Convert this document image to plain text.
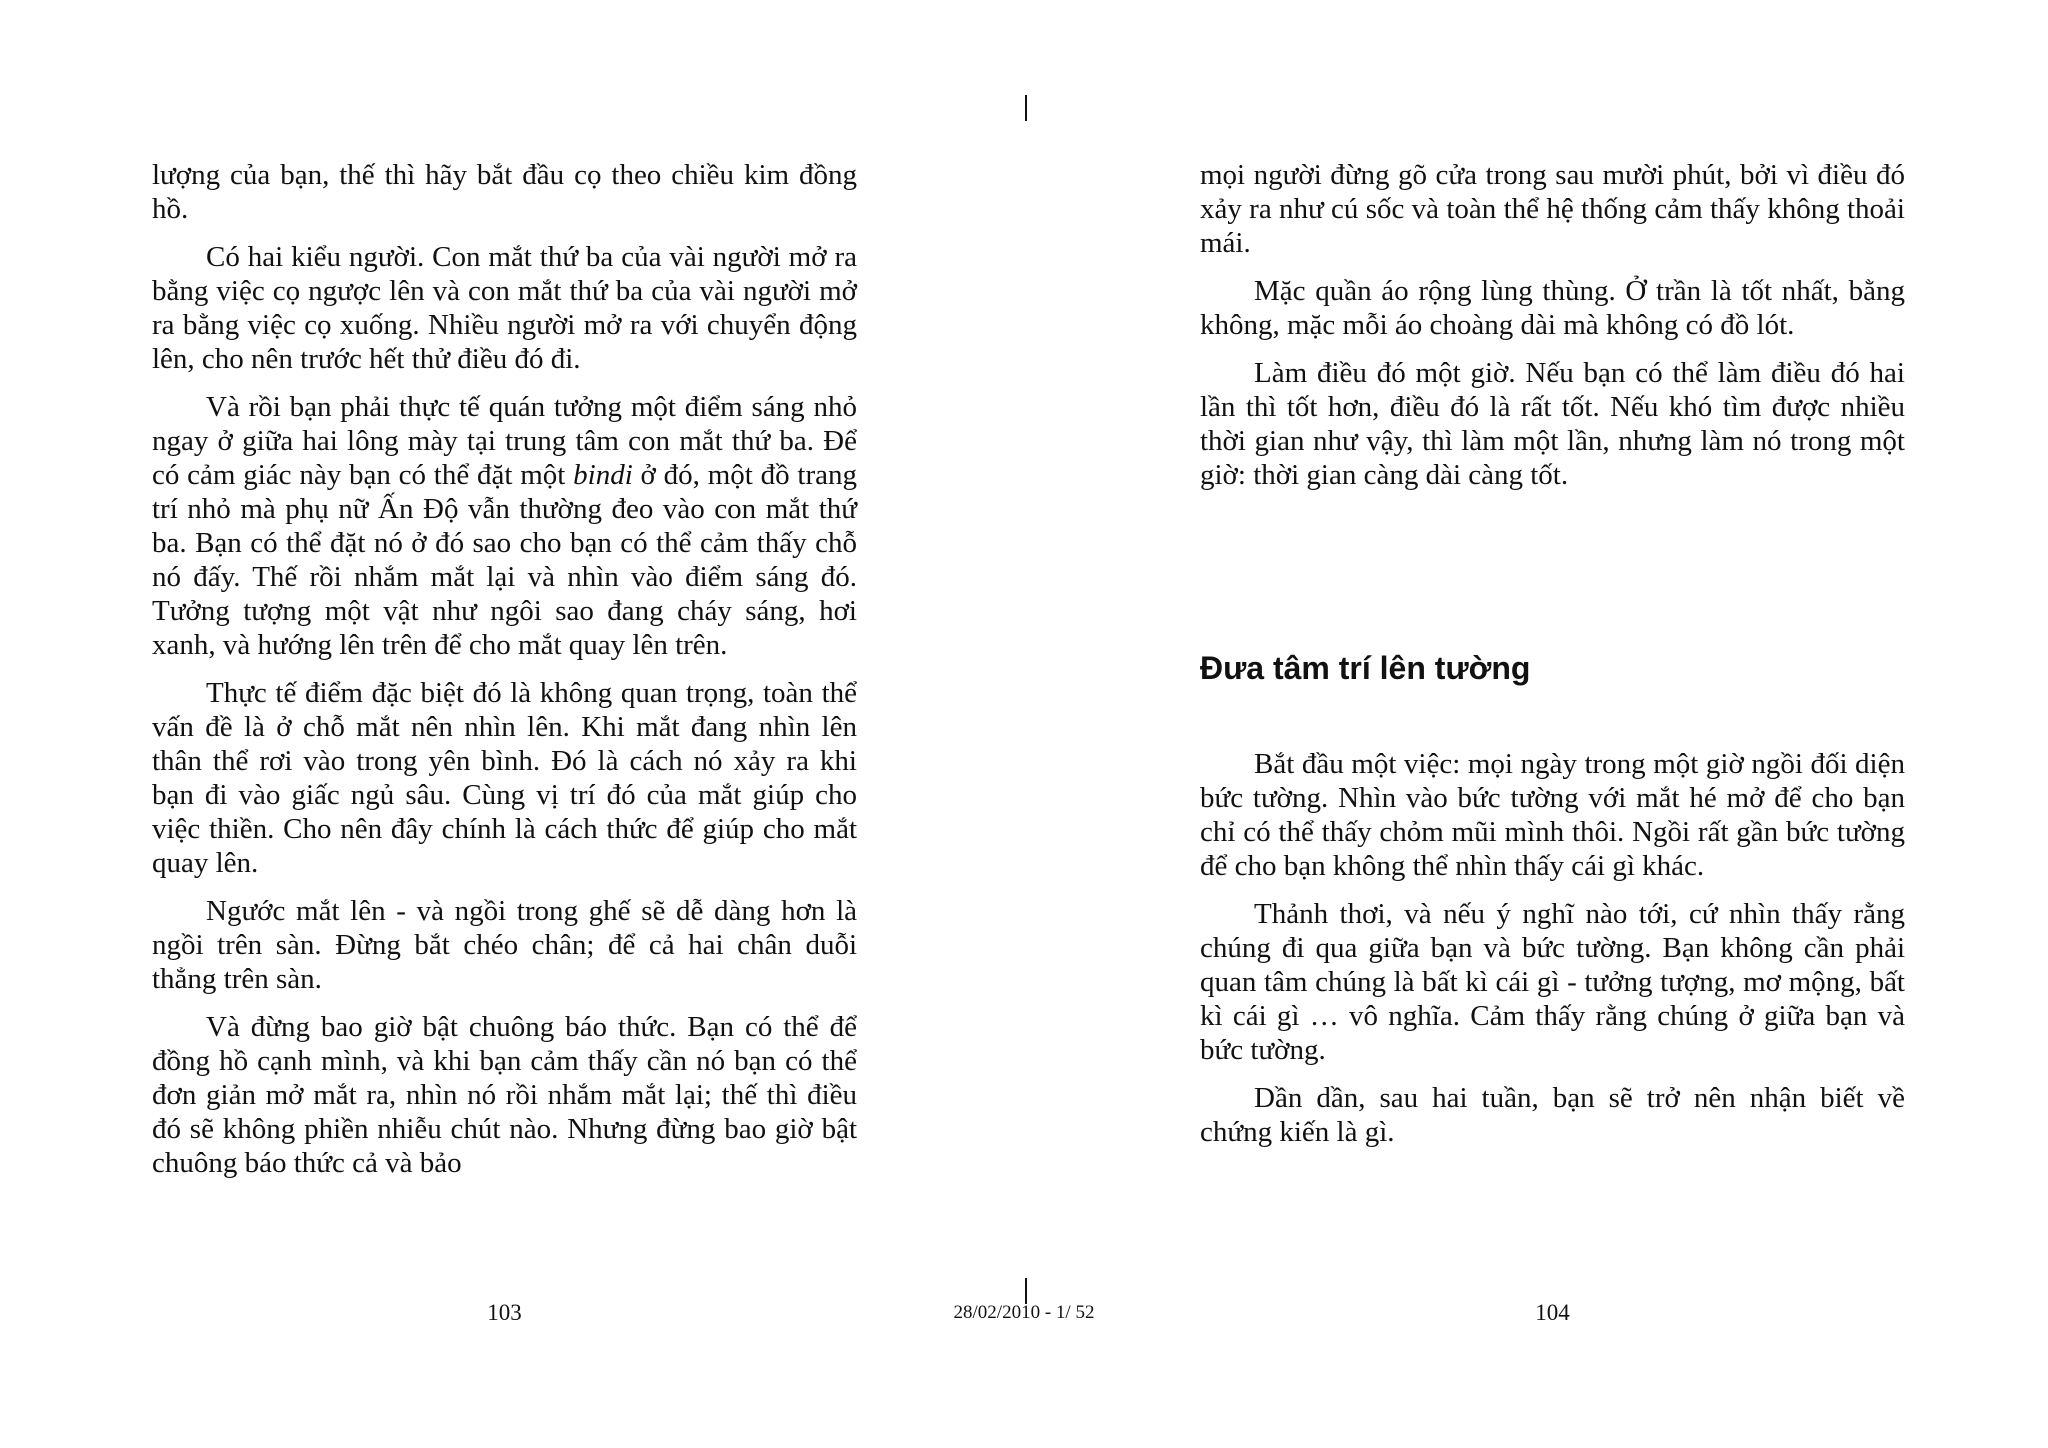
lượng của bạn, thế thì hãy bắt đầu cọ theo chiều kim đồng hồ.

Có hai kiểu người. Con mắt thứ ba của vài người mở ra bằng việc cọ ngược lên và con mắt thứ ba của vài người mở ra bằng việc cọ xuống. Nhiều người mở ra với chuyển động lên, cho nên trước hết thử điều đó đi.

Và rồi bạn phải thực tế quán tưởng một điểm sáng nhỏ ngay ở giữa hai lông mày tại trung tâm con mắt thứ ba. Để có cảm giác này bạn có thể đặt một bindi ở đó, một đồ trang trí nhỏ mà phụ nữ Ấn Độ vẫn thường đeo vào con mắt thứ ba. Bạn có thể đặt nó ở đó sao cho bạn có thể cảm thấy chỗ nó đấy. Thế rồi nhắm mắt lại và nhìn vào điểm sáng đó. Tưởng tượng một vật như ngôi sao đang cháy sáng, hơi xanh, và hướng lên trên để cho mắt quay lên trên.

Thực tế điểm đặc biệt đó là không quan trọng, toàn thể vấn đề là ở chỗ mắt nên nhìn lên. Khi mắt đang nhìn lên thân thể rơi vào trong yên bình. Đó là cách nó xảy ra khi bạn đi vào giấc ngủ sâu. Cùng vị trí đó của mắt giúp cho việc thiền. Cho nên đây chính là cách thức để giúp cho mắt quay lên.

Ngước mắt lên - và ngồi trong ghế sẽ dễ dàng hơn là ngồi trên sàn. Đừng bắt chéo chân; để cả hai chân duỗi thẳng trên sàn.

Và đừng bao giờ bật chuông báo thức. Bạn có thể để đồng hồ cạnh mình, và khi bạn cảm thấy cần nó bạn có thể đơn giản mở mắt ra, nhìn nó rồi nhắm mắt lại; thế thì điều đó sẽ không phiền nhiễu chút nào. Nhưng đừng bao giờ bật chuông báo thức cả và bảo

103

mọi người đừng gõ cửa trong sau mười phút, bởi vì điều đó xảy ra như cú sốc và toàn thể hệ thống cảm thấy không thoải mái.

Mặc quần áo rộng lùng thùng. Ở trần là tốt nhất, bằng không, mặc mỗi áo choàng dài mà không có đồ lót.

Làm điều đó một giờ. Nếu bạn có thể làm điều đó hai lần thì tốt hơn, điều đó là rất tốt. Nếu khó tìm được nhiều thời gian như vậy, thì làm một lần, nhưng làm nó trong một giờ: thời gian càng dài càng tốt.

Đưa tâm trí lên tường

Bắt đầu một việc: mọi ngày trong một giờ ngồi đối diện bức tường. Nhìn vào bức tường với mắt hé mở để cho bạn chỉ có thể thấy chỏm mũi mình thôi. Ngồi rất gần bức tường để cho bạn không thể nhìn thấy cái gì khác.

Thảnh thơi, và nếu ý nghĩ nào tới, cứ nhìn thấy rằng chúng đi qua giữa bạn và bức tường. Bạn không cần phải quan tâm chúng là bất kì cái gì - tưởng tượng, mơ mộng, bất kì cái gì … vô nghĩa. Cảm thấy rằng chúng ở giữa bạn và bức tường.

Dần dần, sau hai tuần, bạn sẽ trở nên nhận biết về chứng kiến là gì.

104
28/02/2010 - 1/ 52
